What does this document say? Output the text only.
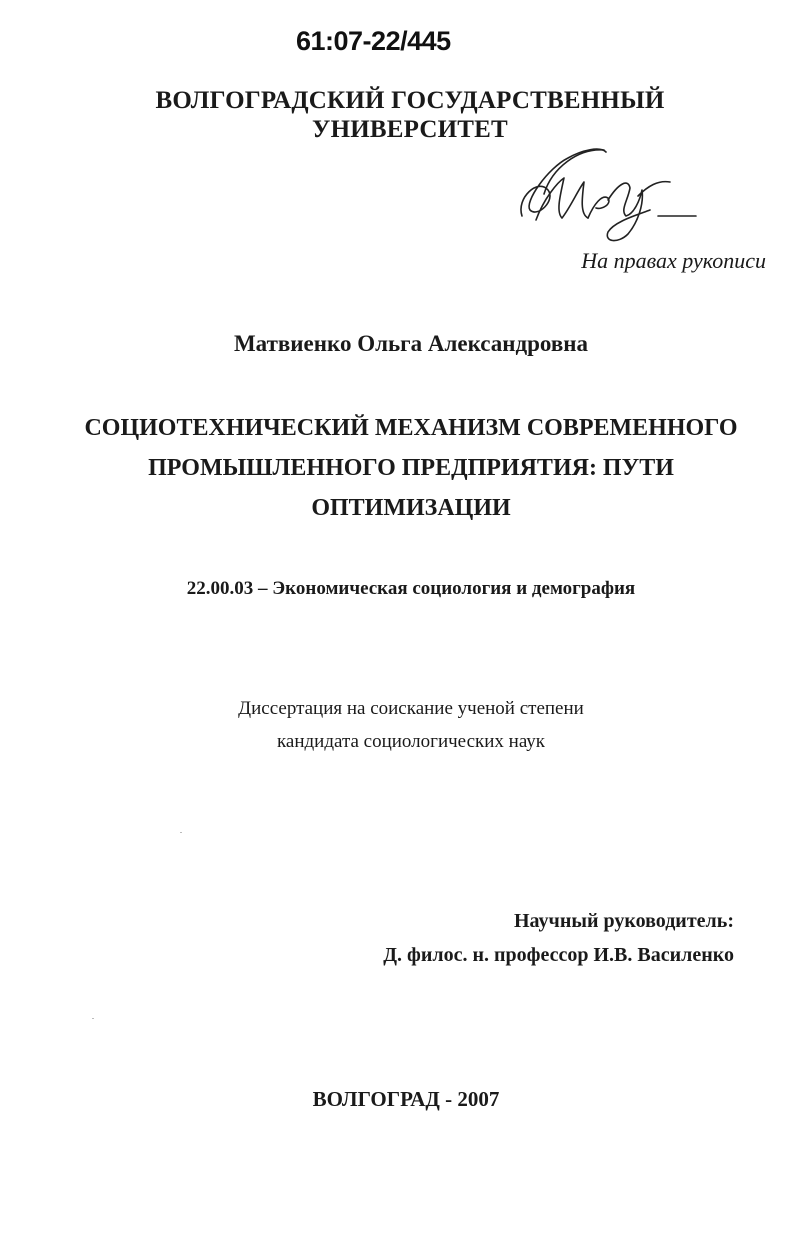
61:07-22/445
ВОЛГОГРАДСКИЙ ГОСУДАРСТВЕННЫЙ
УНИВЕРСИТЕТ
На правах рукописи
Матвиенко Ольга Александровна
СОЦИОТЕХНИЧЕСКИЙ МЕХАНИЗМ СОВРЕМЕННОГО
ПРОМЫШЛЕННОГО ПРЕДПРИЯТИЯ: ПУТИ
ОПТИМИЗАЦИИ
22.00.03 – Экономическая социология и демография
Диссертация на соискание ученой степени
кандидата социологических наук
Научный руководитель:
Д. филос. н. профессор И.В. Василенко
ВОЛГОГРАД - 2007
